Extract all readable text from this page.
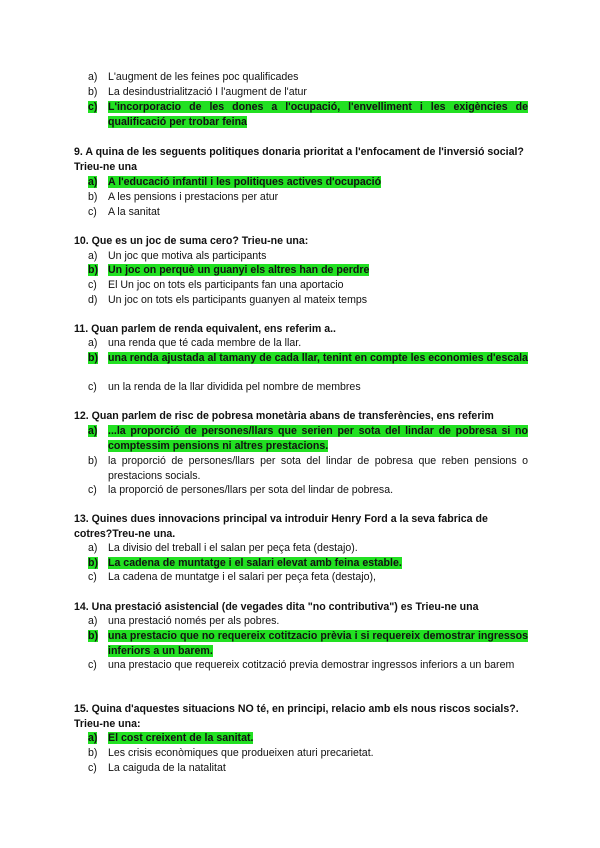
a) L'augment de les feines poc qualificades
b) La desindustrialització I l'augment de l'atur
c) L'incorporacio de les dones a l'ocupació, l'envelliment i les exigències de qualificació per trobar feina
9. A quina de les seguents politiques donaria prioritat a l'enfocament de l'inversió social? Trieu-ne una
a) A l'educació infantil i les politiques actives d'ocupació
b) A les pensions i prestacions per atur
c)	A la sanitat
10. Que es un joc de suma cero? Trieu-ne una:
a) Un joc que motiva als participants
b) Un joc on perquè un guanyi els altres han de perdre
c)	El Un joc on tots els participants fan una aportacio
d) Un joc on tots els participants guanyen al mateix temps
11. Quan parlem de renda equivalent, ens referim a..
a) una renda que té cada membre de la llar.
b) una renda ajustada al tamany de cada llar, tenint en compte les economies d'escala
c)	un la renda de la llar dividida pel nombre de membres
12. Quan parlem de risc de pobresa monetària abans de transferències, ens referim
a) ...la proporció de persones/llars que serien per sota del lindar de pobresa si no comptessim pensions ni altres prestacions.
b) la proporció de persones/llars per sota del lindar de pobresa que reben pensions o prestacions socials.
c)	la proporció de persones/llars per sota del lindar de pobresa.
13. Quines dues innovacions principal va introduir Henry Ford a la seva fabrica de cotres?Treu-ne una.
a) La divisio del treball i el salan per peça feta (destajo).
b) La cadena de muntatge i el salari elevat amb feina estable.
c)	La cadena de muntatge i el salari per peça feta (destajo),
14. Una prestació asistencial (de vegades dita "no contributiva") es Trieu-ne una
a) una prestació només per als pobres.
b) una prestacio que no requereix cotitzacio prèvia i si requereix demostrar ingressos inferiors a un barem.
c)	una prestacio que requereix cotització previa demostrar ingressos inferiors a un barem
15. Quina d'aquestes situacions NO té, en principi, relacio amb els nous riscos socials?. Trieu-ne una:
a) El cost creixent de la sanitat.
b) Les crisis econòmiques que produeixen aturi precarietat.
c)	La caiguda de la natalitat
